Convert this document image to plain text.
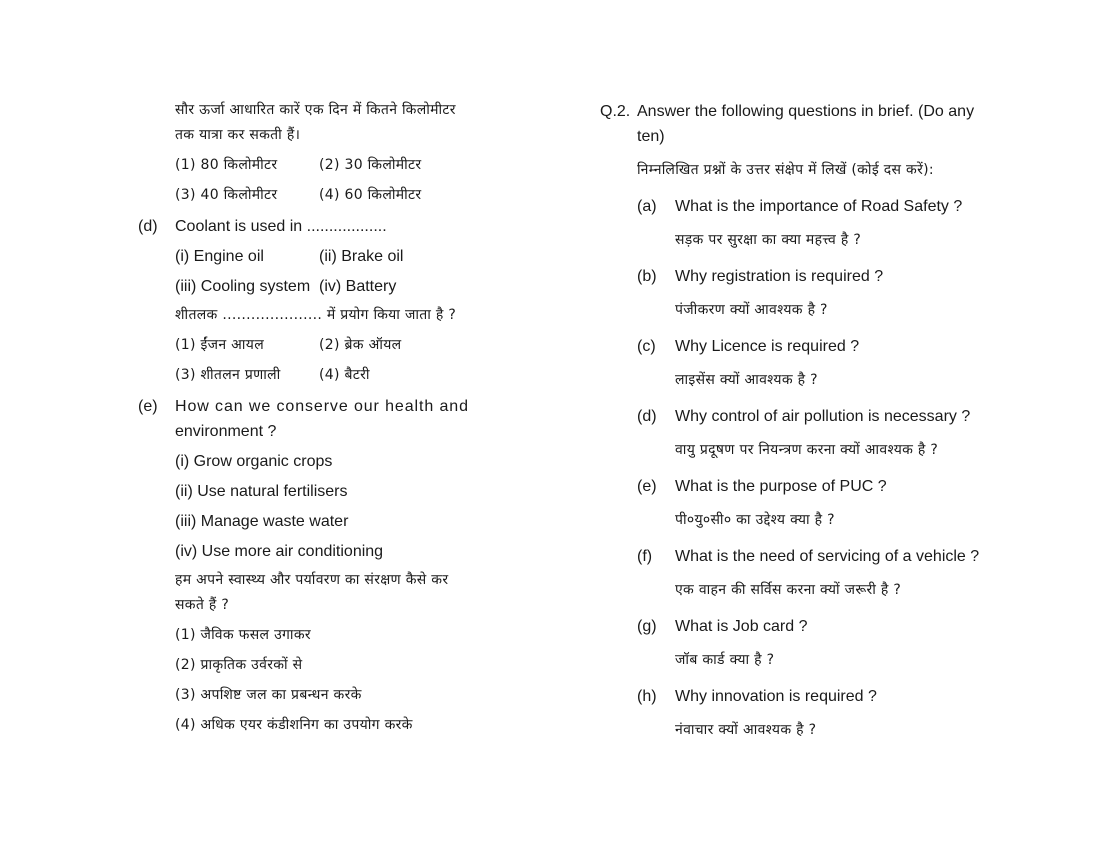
सौर ऊर्जा आधारित कारें एक दिन में कितने किलोमीटर
तक यात्रा कर सकती हैं।
(1) 80 किलोमीटर	(2) 30 किलोमीटर
(3) 40 किलोमीटर	(4) 60 किलोमीटर
(d) Coolant is used in ..................
(i) Engine oil	(ii) Brake oil
(iii) Cooling system (iv) Battery
शीतलक ..................... में प्रयोग किया जाता है ?
(1) ईंजन आयल	(2) ब्रेक ऑयल
(3) शीतलन प्रणाली	(4) बैटरी
(e) How can we conserve our health and
environment ?
(i) Grow organic crops
(ii) Use natural fertilisers
(iii) Manage waste water
(iv) Use more air conditioning
हम अपने स्वास्थ्य और पर्यावरण का संरक्षण कैसे कर
सकते हैं ?
(1) जैविक फसल उगाकर
(2) प्राकृतिक उर्वरकों से
(3) अपशिष्ट जल का प्रबन्धन करके
(4) अधिक एयर कंडीशनिग का उपयोग करके
Q.2. Answer the following questions in brief. (Do any
ten)
निम्नलिखित प्रश्नों के उत्तर संक्षेप में लिखें (कोई दस करें):
(a) What is the importance of Road Safety ?
सड़क पर सुरक्षा का क्या महत्त्व है ?
(b) Why registration is required ?
पंजीकरण क्यों आवश्यक है ?
(c) Why Licence is required ?
लाइसेंस क्यों आवश्यक है ?
(d) Why control of air pollution is necessary ?
वायु प्रदूषण पर नियन्त्रण करना क्यों आवश्यक है ?
(e) What is the purpose of PUC ?
पी०यु०सी० का उद्देश्य क्या है ?
(f) What is the need of servicing of a vehicle ?
एक वाहन की सर्विस करना क्यों जरूरी है ?
(g) What is Job card ?
जॉब कार्ड क्या है ?
(h) Why innovation is required ?
नंवाचार क्यों आवश्यक है ?
